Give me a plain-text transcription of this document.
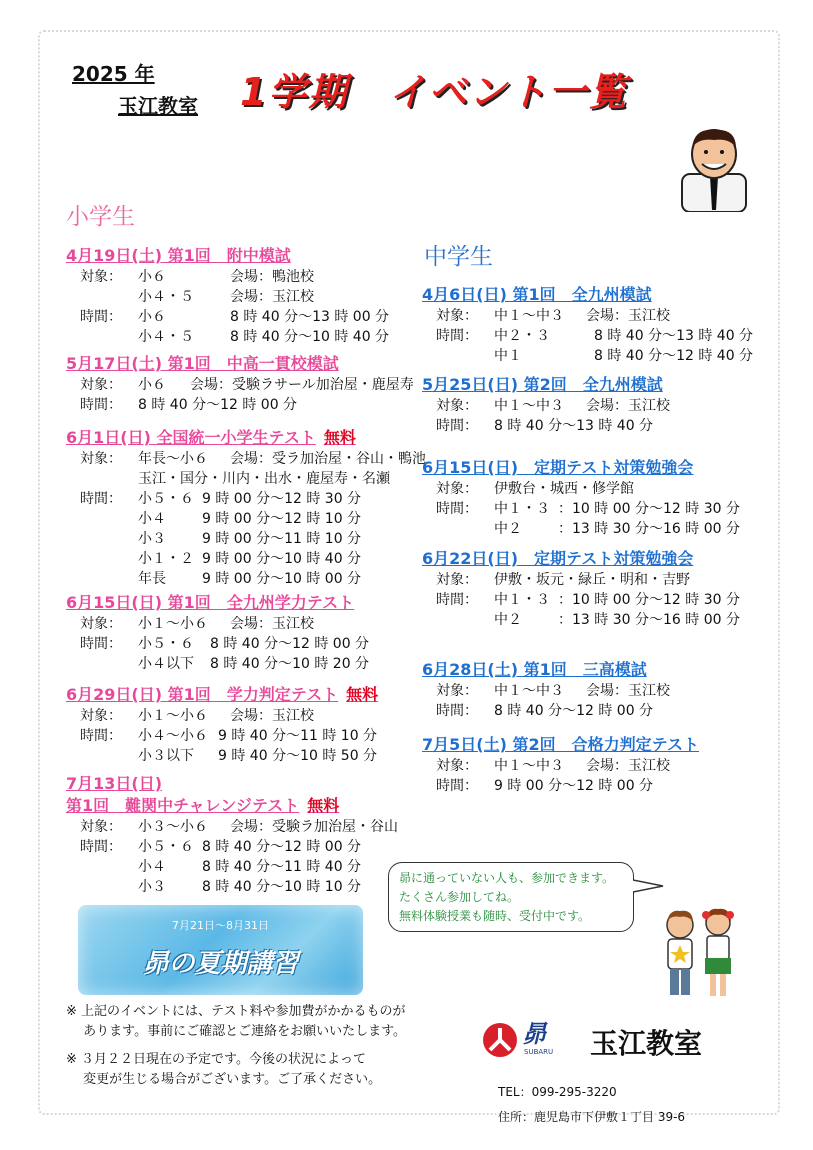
2025 年
玉江教室 1学期　イベント一覧
小学生
中学生
4月19日(土) 第1回　附中模試
対象：	小６	会場：鴨池校
小４・５	会場：玉江校
時間：	小６	8 時 40 分～13 時 00 分
小４・５	8 時 40 分～10 時 40 分
5月17日(土) 第1回　中高一貫校模試
対象：	小６	会場：受験ラサール加治屋・鹿屋寿
時間：	8 時 40 分～12 時 00 分
6月1日(日) 全国統一小学生テスト 無料
対象：	年長～小６	会場：受ラ加治屋・谷山・鴨池
玉江・国分・川内・出水・鹿屋寿・名瀬
時間：	小５・６ 9 時 00 分～12 時 30 分
小４	9 時 00 分～12 時 10 分
小３	9 時 00 分～11 時 10 分
小１・２ 9 時 00 分～10 時 40 分
年長	9 時 00 分～10 時 00 分
6月15日(日) 第1回　全九州学力テスト
対象：	小１～小６	会場：玉江校
時間：	小５・６	8 時 40 分～12 時 00 分
小４以下	8 時 40 分～10 時 20 分
6月29日(日) 第1回　学力判定テスト 無料
対象：	小１～小６	会場：玉江校
時間：	小４～小６ 9 時 40 分～11 時 10 分
小３以下	9 時 40 分～10 時 50 分
7月13日(日)
第1回　難関中チャレンジテスト 無料
対象：	小３～小６	会場：受験ラ加治屋・谷山
時間：	小５・６ 8 時 40 分～12 時 00 分
小４	8 時 40 分～11 時 40 分
小３	8 時 40 分～10 時 10 分
4月6日(日) 第1回　全九州模試
対象：	中１～中３	会場：玉江校
時間：	中２・３	8 時 40 分～13 時 40 分
中１	8 時 40 分～12 時 40 分
5月25日(日) 第2回　全九州模試
対象：	中１～中３	会場：玉江校
時間：	8 時 40 分～13 時 40 分
6月15日(日)　定期テスト対策勉強会
対象：	伊敷台・城西・修学館
時間：	中１・３ ：10 時 00 分～12 時 30 分
中２	：13 時 30 分～16 時 00 分
6月22日(日)　定期テスト対策勉強会
対象：	伊敷・坂元・緑丘・明和・吉野
時間：	中１・３ ：10 時 00 分～12 時 30 分
中２	：13 時 30 分～16 時 00 分
6月28日(土) 第1回　三高模試
対象：	中１～中３	会場：玉江校
時間：	8 時 40 分～12 時 00 分
7月5日(土) 第2回　合格力判定テスト
対象：	中１～中３	会場：玉江校
時間：	9 時 00 分～12 時 00 分
昴に通っていない人も、参加できます。
たくさん参加してね。
無料体験授業も随時、受付中です。
7月21日～8月31日
昴の夏期講習
※ 上記のイベントには、テスト料や参加費がかかるものが
　 あります。事前にご確認とご連絡をお願いいたします。
※ ３月２２日現在の予定です。今後の状況によって
　 変更が生じる場合がございます。ご了承ください。
昴
SUBARU 玉江教室
TEL：099-295-3220
住所：鹿児島市下伊敷１丁目 39-6
